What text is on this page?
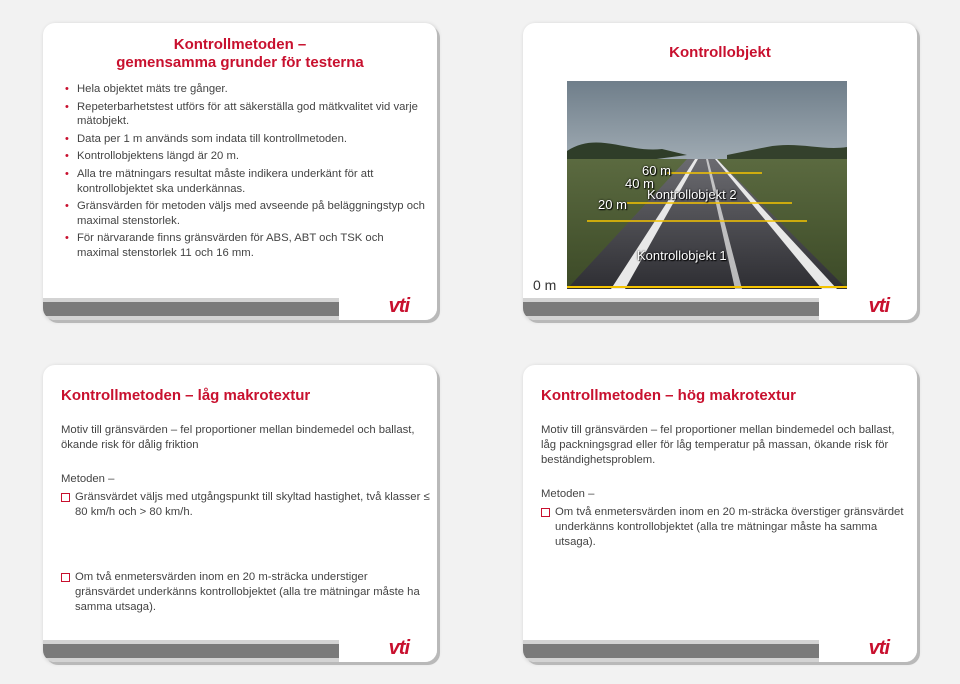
Kontrollmetoden –
gemensamma grunder för testerna
• Hela objektet mäts tre gånger.
• Repeterbarhetstest utförs för att säkerställa god mätkvalitet vid varje mätobjekt.
• Data per 1 m används som indata till kontrollmetoden.
• Kontrollobjektens längd är 20 m.
• Alla tre mätningars resultat måste indikera underkänt för att kontrollobjektet ska underkännas.
• Gränsvärden för metoden väljs med avseende på beläggningstyp och maximal stenstorlek.
• För närvarande finns gränsvärden för ABS, ABT och TSK och maximal stenstorlek 11 och 16 mm.
vti
Kontrollobjekt
60 m
40 m
Kontrollobjekt 2
20 m
Kontrollobjekt 1
0 m
vti
Kontrollmetoden – låg makrotextur
Motiv till gränsvärden – fel proportioner mellan bindemedel och ballast, ökande risk för dålig friktion
Metoden –
Gränsvärdet väljs med utgångspunkt till skyltad hastighet, två klasser ≤ 80 km/h och > 80 km/h.
Om två enmetersvärden inom en 20 m-sträcka understiger gränsvärdet underkänns kontrollobjektet (alla tre mätningar måste ha samma utsaga).
vti
Kontrollmetoden – hög makrotextur
Motiv till gränsvärden – fel proportioner mellan bindemedel och ballast, låg packningsgrad eller för låg temperatur på massan, ökande risk för beständighetsproblem.
Metoden –
Om två enmetersvärden inom en 20 m-sträcka överstiger gränsvärdet underkänns kontrollobjektet (alla tre mätningar måste ha samma utsaga).
vti
